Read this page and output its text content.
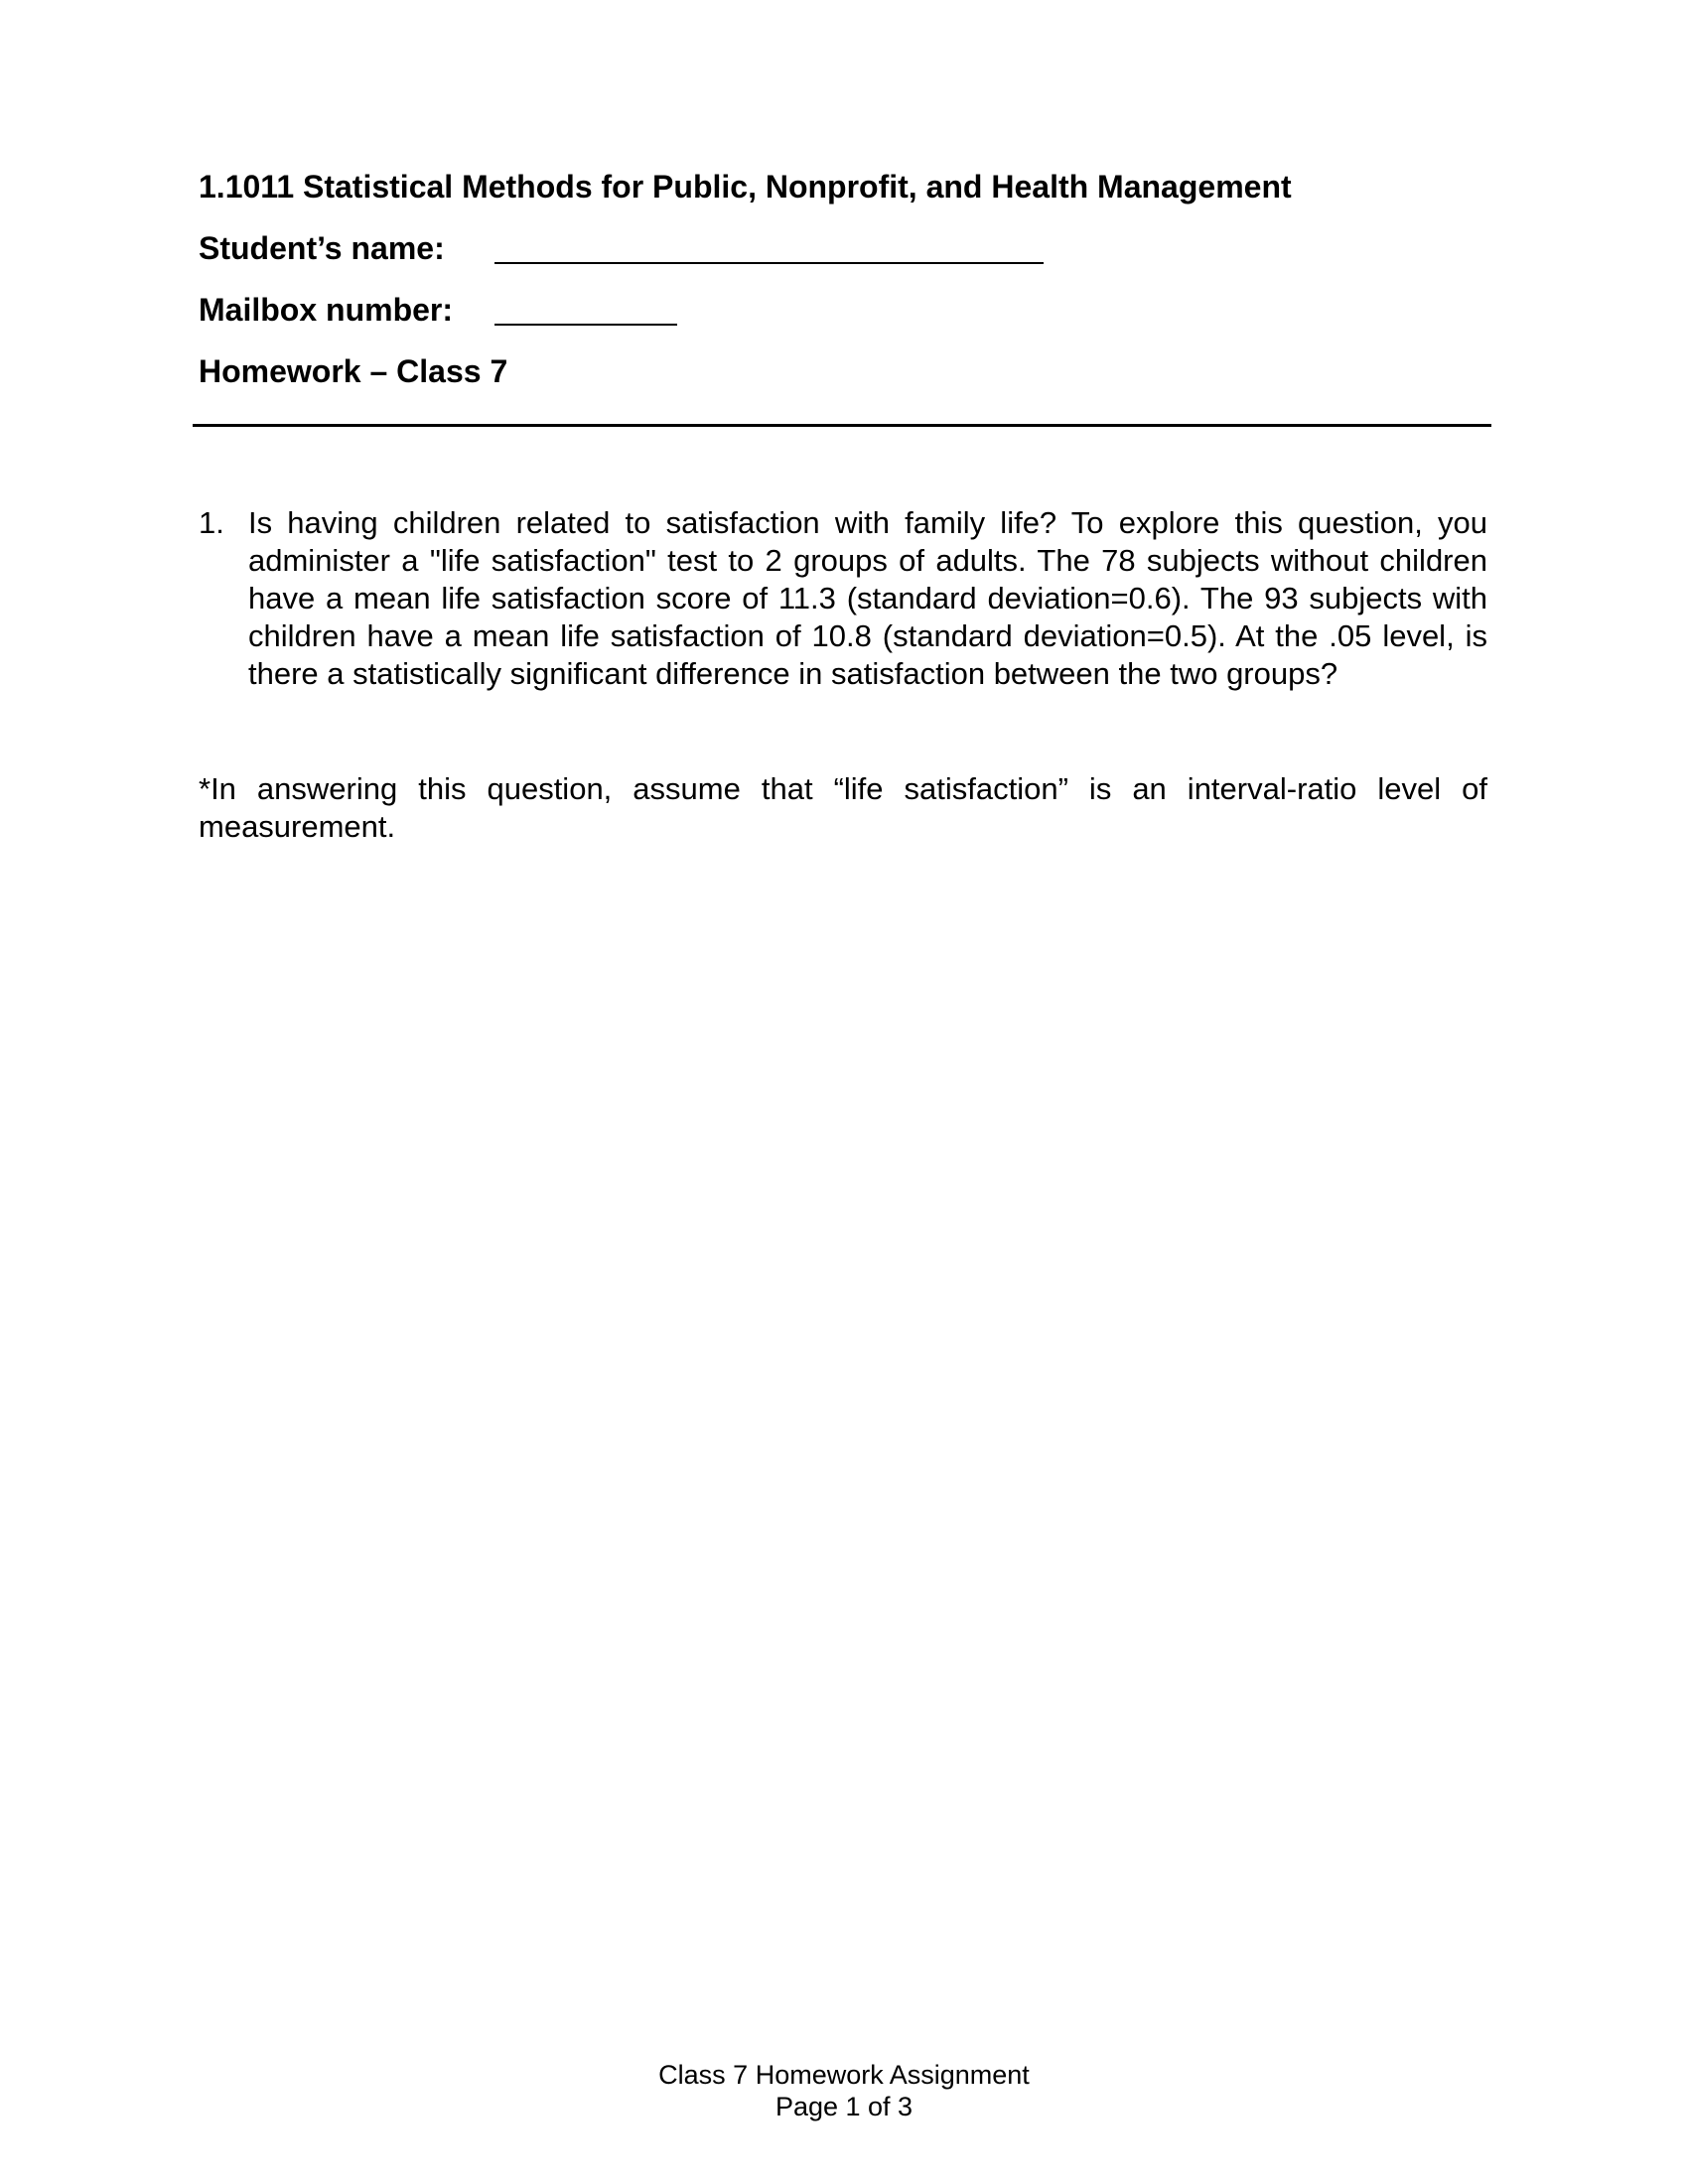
1.1011 Statistical Methods for Public, Nonprofit, and Health Management
Student’s name:
Mailbox number:
Homework – Class 7
1. Is having children related to satisfaction with family life? To explore this question, you administer a "life satisfaction" test to 2 groups of adults. The 78 subjects without children have a mean life satisfaction score of 11.3 (standard deviation=0.6). The 93 subjects with children have a mean life satisfaction of 10.8 (standard deviation=0.5). At the .05 level, is there a statistically significant difference in satisfaction between the two groups?
*In answering this question, assume that “life satisfaction” is an interval-ratio level of measurement.
Class 7 Homework Assignment
Page 1 of 3
